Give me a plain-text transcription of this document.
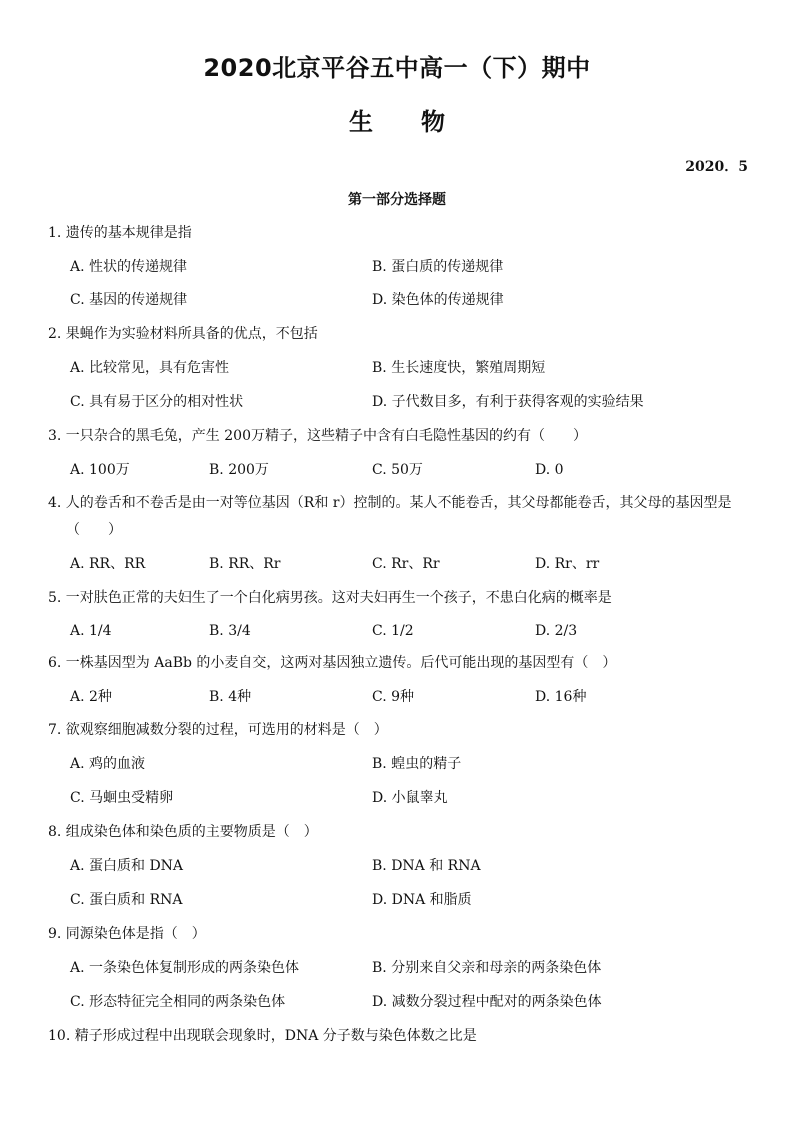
2020北京平谷五中高一（下）期中
生 物
2020．5
第一部分选择题
1. 遗传的基本规律是指
A. 性状的传递规律	B. 蛋白质的传递规律
C. 基因的传递规律	D. 染色体的传递规律
2. 果蝇作为实验材料所具备的优点，不包括
A. 比较常见，具有危害性	B. 生长速度快，繁殖周期短
C. 具有易于区分的相对性状	D. 子代数目多，有利于获得客观的实验结果
3. 一只杂合的黑毛兔，产生 200万精子，这些精子中含有白毛隐性基因的约有（　　）
A. 100万	B. 200万	C. 50万	D. 0
4. 人的卷舌和不卷舌是由一对等位基因（R和 r）控制的。某人不能卷舌，其父母都能卷舌，其父母的基因型是
（　　）
A. RR、RR	B. RR、Rr	C. Rr、Rr	D. Rr、rr
5. 一对肤色正常的夫妇生了一个白化病男孩。这对夫妇再生一个孩子，不患白化病的概率是
A. 1/4	B. 3/4	C. 1/2	D. 2/3
6. 一株基因型为 AaBb 的小麦自交，这两对基因独立遗传。后代可能出现的基因型有（　）
A. 2种	B. 4种	C. 9种	D. 16种
7. 欲观察细胞减数分裂的过程，可选用的材料是（　）
A. 鸡的血液	B. 蝗虫的精子
C. 马蛔虫受精卵	D. 小鼠睾丸
8. 组成染色体和染色质的主要物质是（　）
A. 蛋白质和 DNA	B. DNA 和 RNA
C. 蛋白质和 RNA	D. DNA 和脂质
9. 同源染色体是指（　）
A. 一条染色体复制形成的两条染色体	B. 分别来自父亲和母亲的两条染色体
C. 形态特征完全相同的两条染色体	D. 减数分裂过程中配对的两条染色体
10. 精子形成过程中出现联会现象时，DNA 分子数与染色体数之比是
